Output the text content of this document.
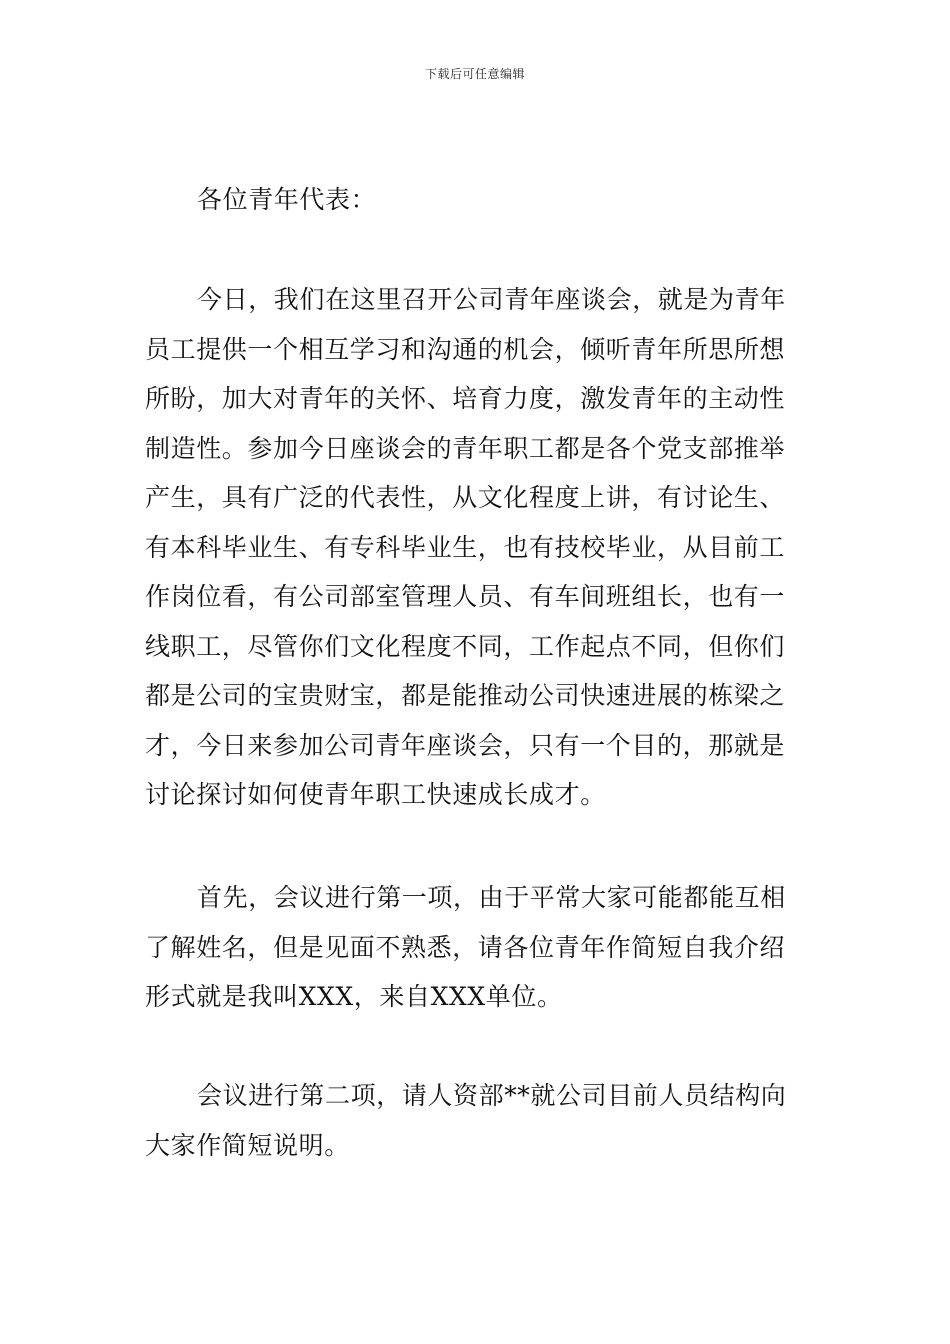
下载后可任意编辑

各位青年代表：

今日，我们在这里召开公司青年座谈会，就是为青年
员工提供一个相互学习和沟通的机会，倾听青年所思所想
所盼，加大对青年的关怀、培育力度，激发青年的主动性
制造性。参加今日座谈会的青年职工都是各个党支部推举
产生，具有广泛的代表性，从文化程度上讲，有讨论生、
有本科毕业生、有专科毕业生，也有技校毕业，从目前工
作岗位看，有公司部室管理人员、有车间班组长，也有一
线职工，尽管你们文化程度不同，工作起点不同，但你们
都是公司的宝贵财宝，都是能推动公司快速进展的栋梁之
才，今日来参加公司青年座谈会，只有一个目的，那就是
讨论探讨如何使青年职工快速成长成才。
首先，会议进行第一项，由于平常大家可能都能互相
了解姓名，但是见面不熟悉，请各位青年作简短自我介绍
形式就是我叫XXX，来自XXX单位。
会议进行第二项，请人资部**就公司目前人员结构向
大家作简短说明。
